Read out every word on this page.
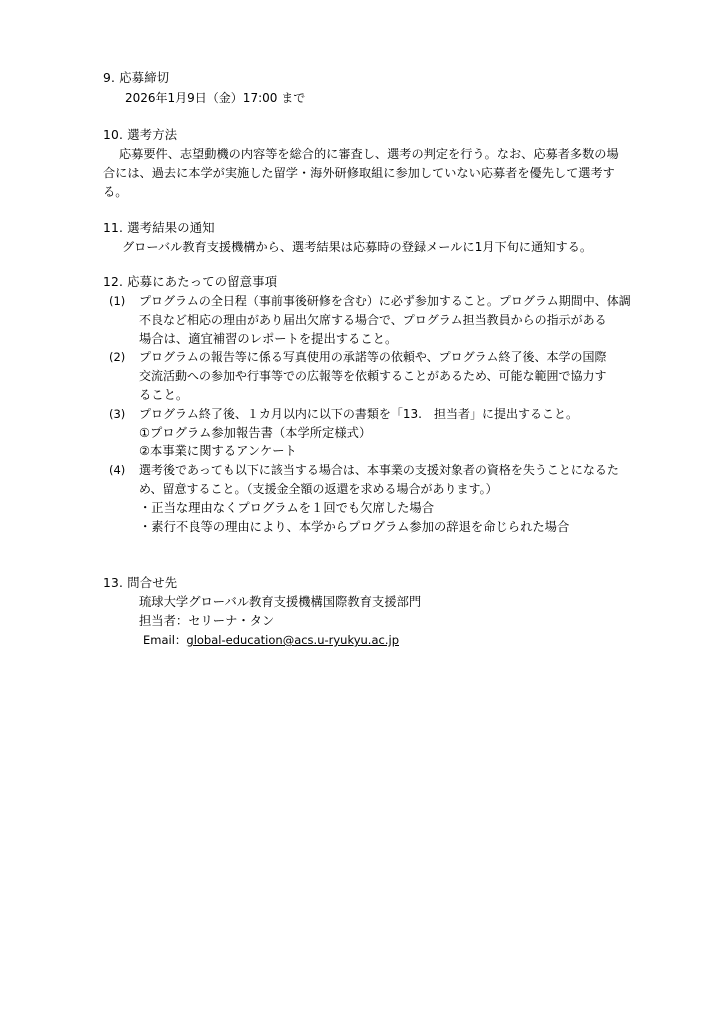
9. 応募締切
2026年1月9日（金）17:00 まで
10. 選考方法
応募要件、志望動機の内容等を総合的に審査し、選考の判定を行う。なお、応募者多数の場
合には、過去に本学が実施した留学・海外研修取組に参加していない応募者を優先して選考す
る。
11. 選考結果の通知
グローバル教育支援機構から、選考結果は応募時の登録メールに1月下旬に通知する。
12. 応募にあたっての留意事項
(1) プログラムの全日程（事前事後研修を含む）に必ず参加すること。プログラム期間中、体調
不良など相応の理由があり届出欠席する場合で、プログラム担当教員からの指示がある
場合は、適宜補習のレポートを提出すること。
(2) プログラムの報告等に係る写真使用の承諾等の依頼や、プログラム終了後、本学の国際
交流活動への参加や行事等での広報等を依頼することがあるため、可能な範囲で協力す
ること。
(3) プログラム終了後、１カ月以内に以下の書類を「13.　担当者」に提出すること。
①プログラム参加報告書（本学所定様式）
②本事業に関するアンケート
(4) 選考後であっても以下に該当する場合は、本事業の支援対象者の資格を失うことになるた
め、留意すること。（支援金全額の返還を求める場合があります。）
・正当な理由なくプログラムを１回でも欠席した場合
・素行不良等の理由により、本学からプログラム参加の辞退を命じられた場合
13. 問合せ先
琉球大学グローバル教育支援機構国際教育支援部門
担当者：セリーナ・タン
Email：global-education@acs.u-ryukyu.ac.jp
